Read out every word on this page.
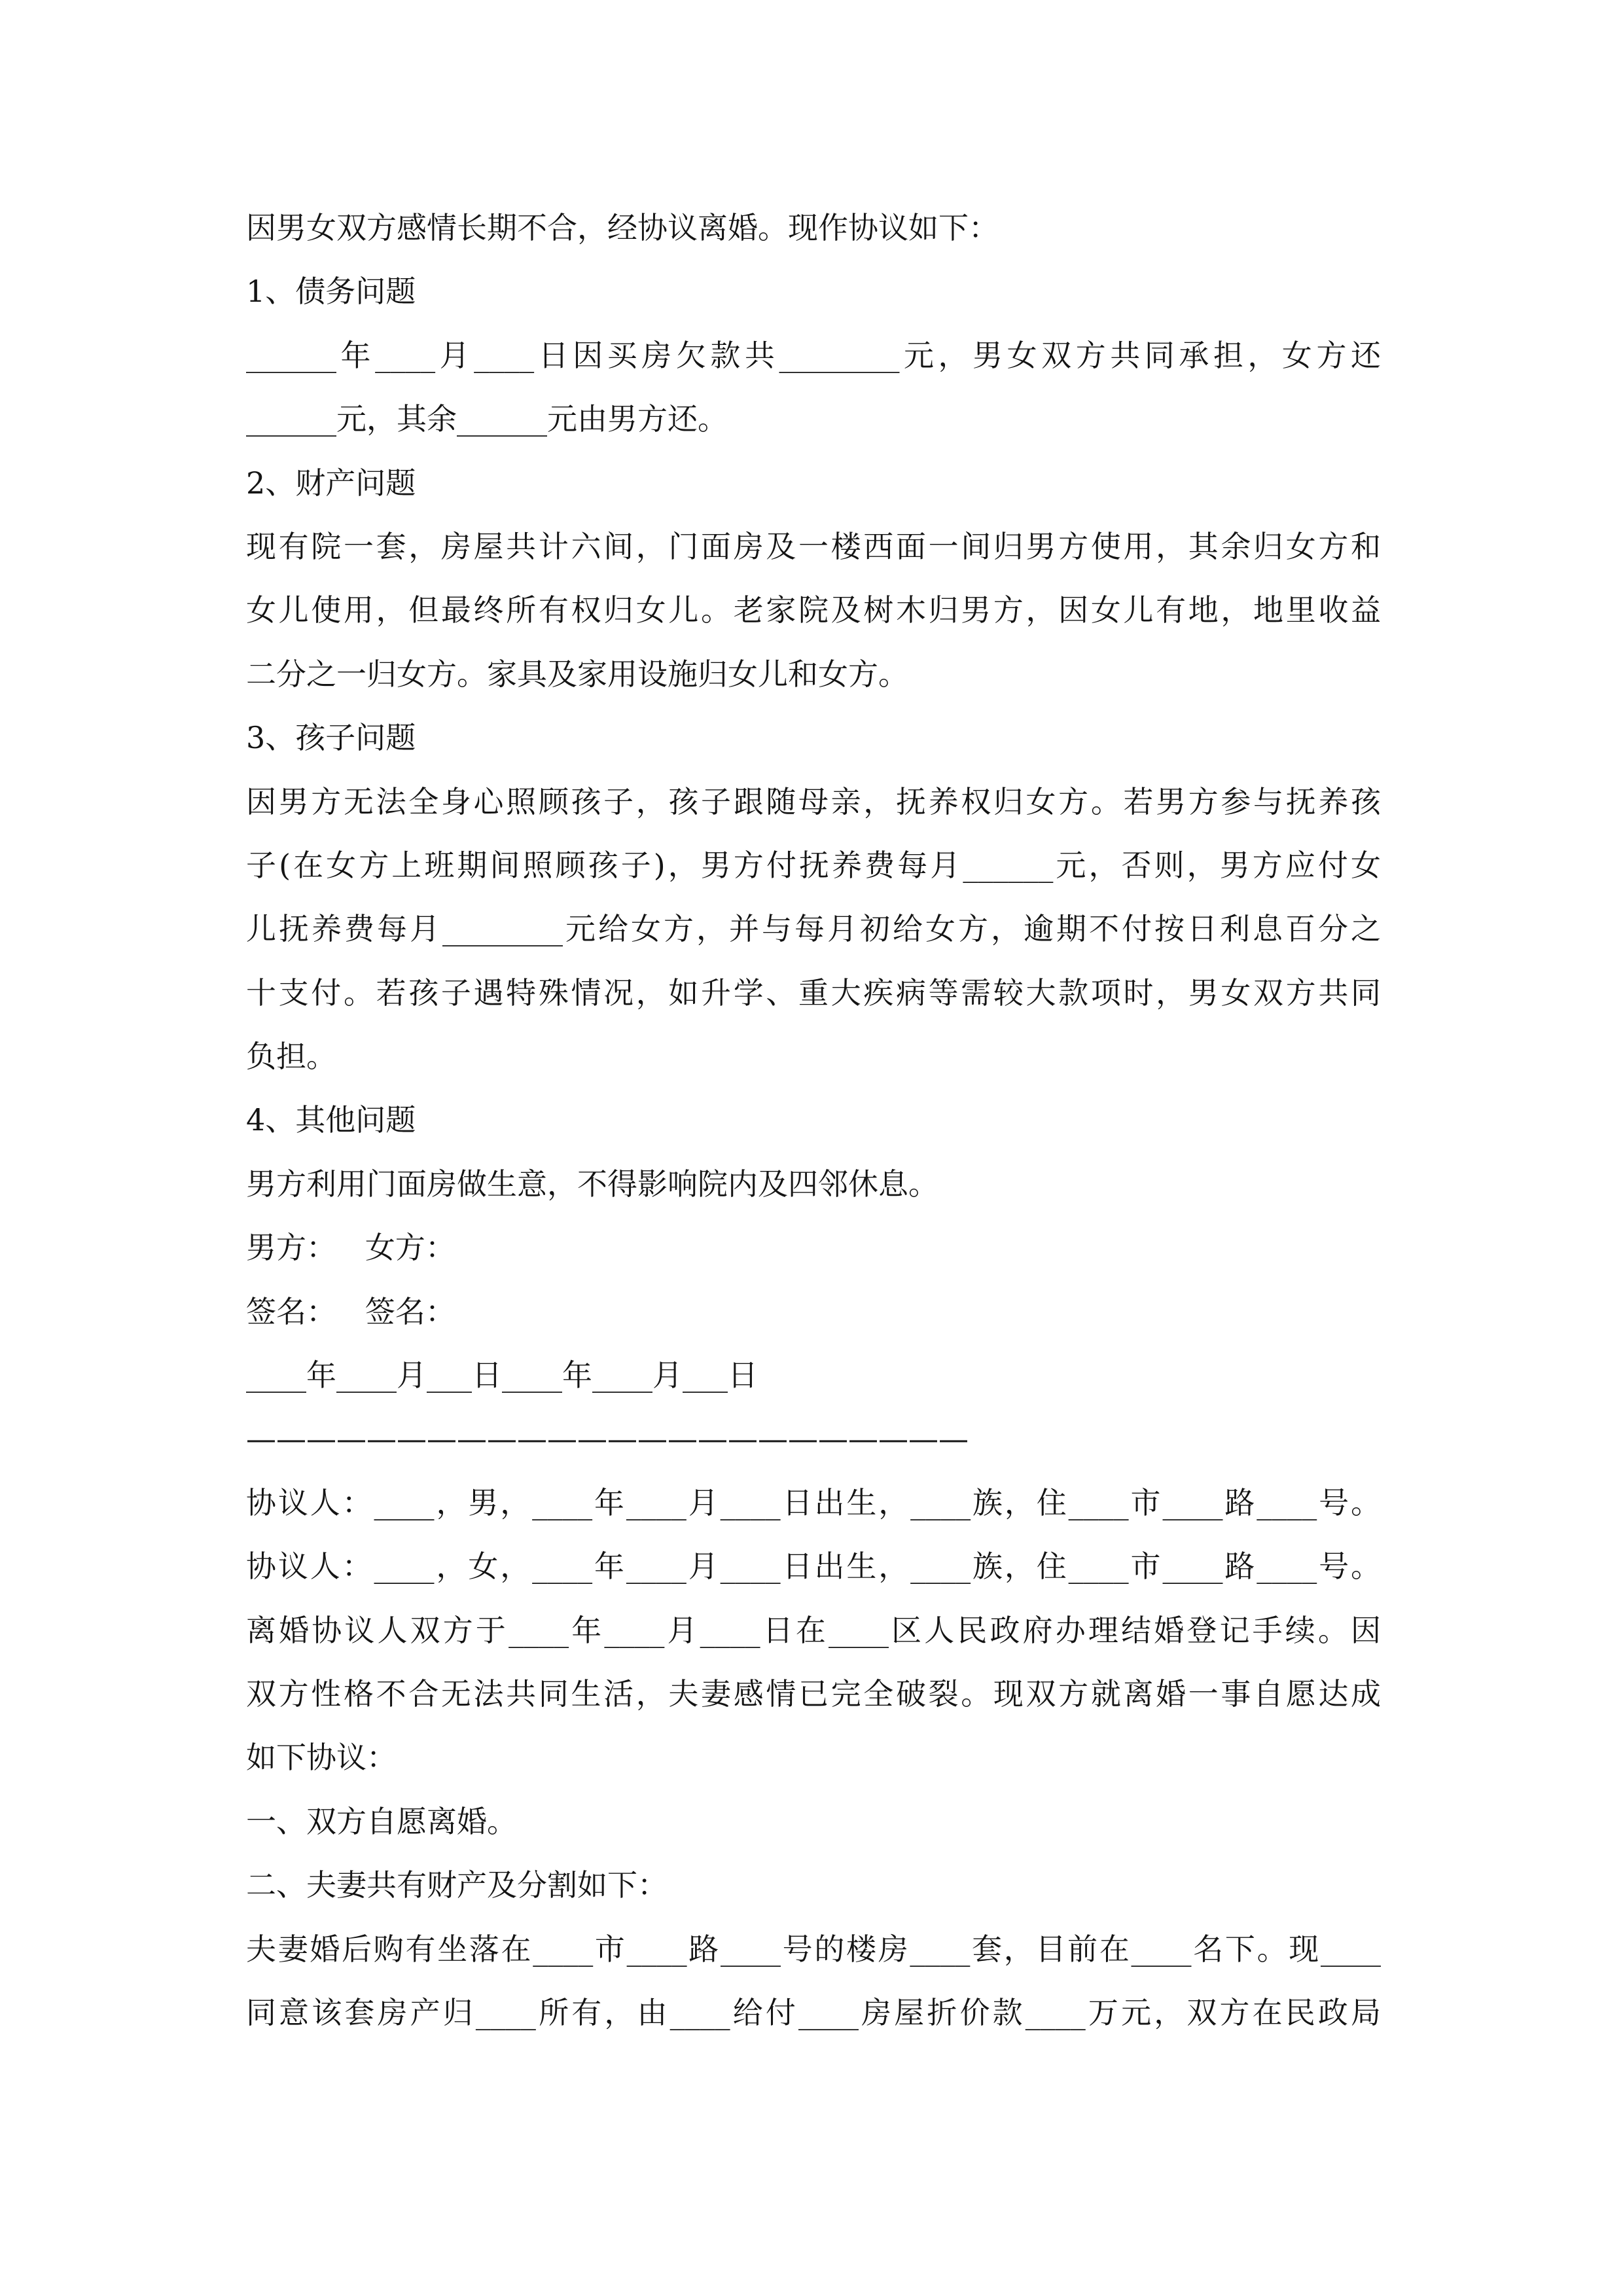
因男女双方感情长期不合，经协议离婚。现作协议如下：
1、债务问题
______年____月____日因买房欠款共________元，男女双方共同承担，女方还
______元，其余______元由男方还。
2、财产问题
现有院一套，房屋共计六间，门面房及一楼西面一间归男方使用，其余归女方和
女儿使用，但最终所有权归女儿。老家院及树木归男方，因女儿有地，地里收益
二分之一归女方。家具及家用设施归女儿和女方。
3、孩子问题
因男方无法全身心照顾孩子，孩子跟随母亲，抚养权归女方。若男方参与抚养孩
子(在女方上班期间照顾孩子)，男方付抚养费每月______元，否则，男方应付女
儿抚养费每月________元给女方，并与每月初给女方，逾期不付按日利息百分之
十支付。若孩子遇特殊情况，如升学、重大疾病等需较大款项时，男女双方共同
负担。
4、其他问题
男方利用门面房做生意，不得影响院内及四邻休息。
男方：   女方：
签名：   签名：
____年____月___日____年____月___日
————————————————————————
协议人：____，男，____年____月____日出生，____族，住____市____路____号。
协议人：____，女，____年____月____日出生，____族，住____市____路____号。
离婚协议人双方于____年____月____日在____区人民政府办理结婚登记手续。因
双方性格不合无法共同生活，夫妻感情已完全破裂。现双方就离婚一事自愿达成
如下协议：
一、双方自愿离婚。
二、夫妻共有财产及分割如下：
夫妻婚后购有坐落在____市____路____号的楼房____套，目前在____名下。现____
同意该套房产归____所有，由____给付____房屋折价款____万元，双方在民政局
